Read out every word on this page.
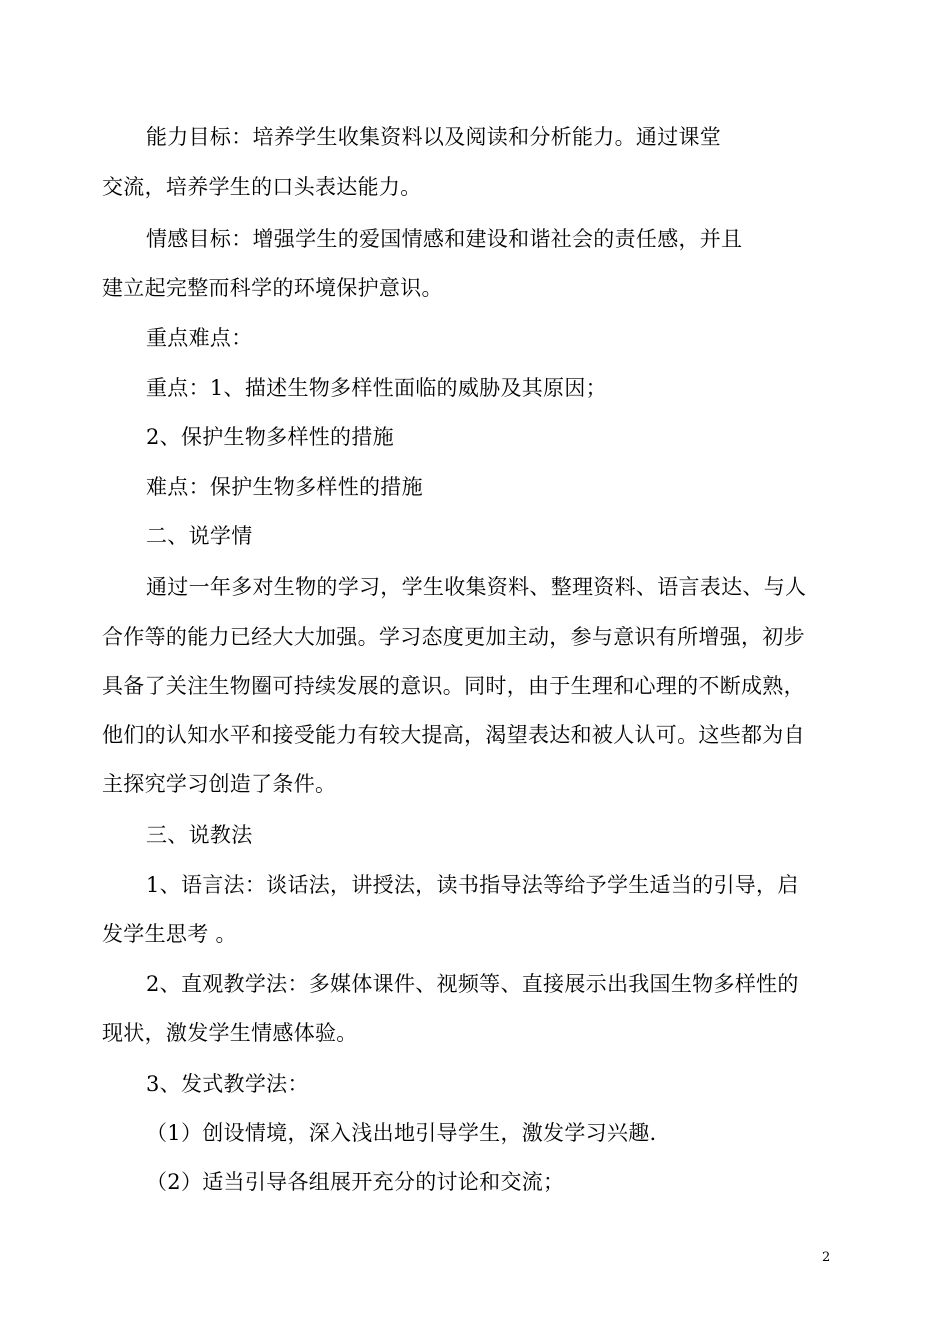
能力目标：培养学生收集资料以及阅读和分析能力。通过课堂
交流，培养学生的口头表达能力。
情感目标：增强学生的爱国情感和建设和谐社会的责任感，并且
建立起完整而科学的环境保护意识。
重点难点：
重点：1、描述生物多样性面临的威胁及其原因；
2、保护生物多样性的措施
难点：保护生物多样性的措施
二、说学情
通过一年多对生物的学习，学生收集资料、整理资料、语言表达、与人
合作等的能力已经大大加强。学习态度更加主动，参与意识有所增强，初步
具备了关注生物圈可持续发展的意识。同时，由于生理和心理的不断成熟，
他们的认知水平和接受能力有较大提高，渴望表达和被人认可。这些都为自
主探究学习创造了条件。
三、说教法
1、语言法：谈话法，讲授法，读书指导法等给予学生适当的引导，启
发学生思考 。
2、直观教学法：多媒体课件、视频等、直接展示出我国生物多样性的
现状，激发学生情感体验。
3、发式教学法：
（1）创设情境，深入浅出地引导学生，激发学习兴趣.
（2）适当引导各组展开充分的讨论和交流；
2
